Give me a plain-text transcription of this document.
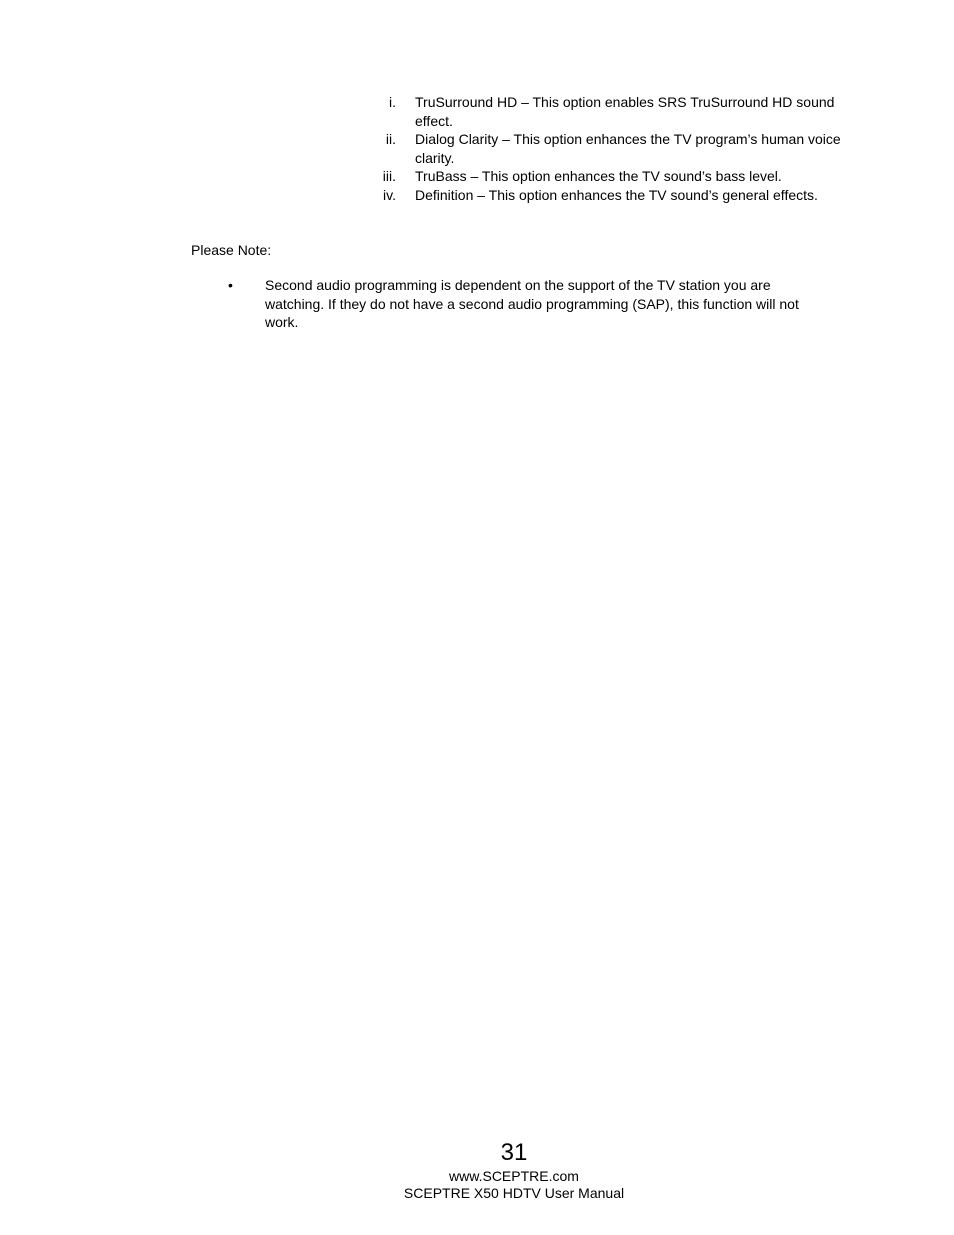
i. TruSurround HD – This option enables SRS TruSurround HD sound effect.
ii. Dialog Clarity – This option enhances the TV program’s human voice clarity.
iii. TruBass – This option enhances the TV sound’s bass level.
iv. Definition – This option enhances the TV sound’s general effects.
Please Note:
•	Second audio programming is dependent on the support of the TV station you are watching. If they do not have a second audio programming (SAP), this function will not work.
31
www.SCEPTRE.com
SCEPTRE X50 HDTV User Manual
